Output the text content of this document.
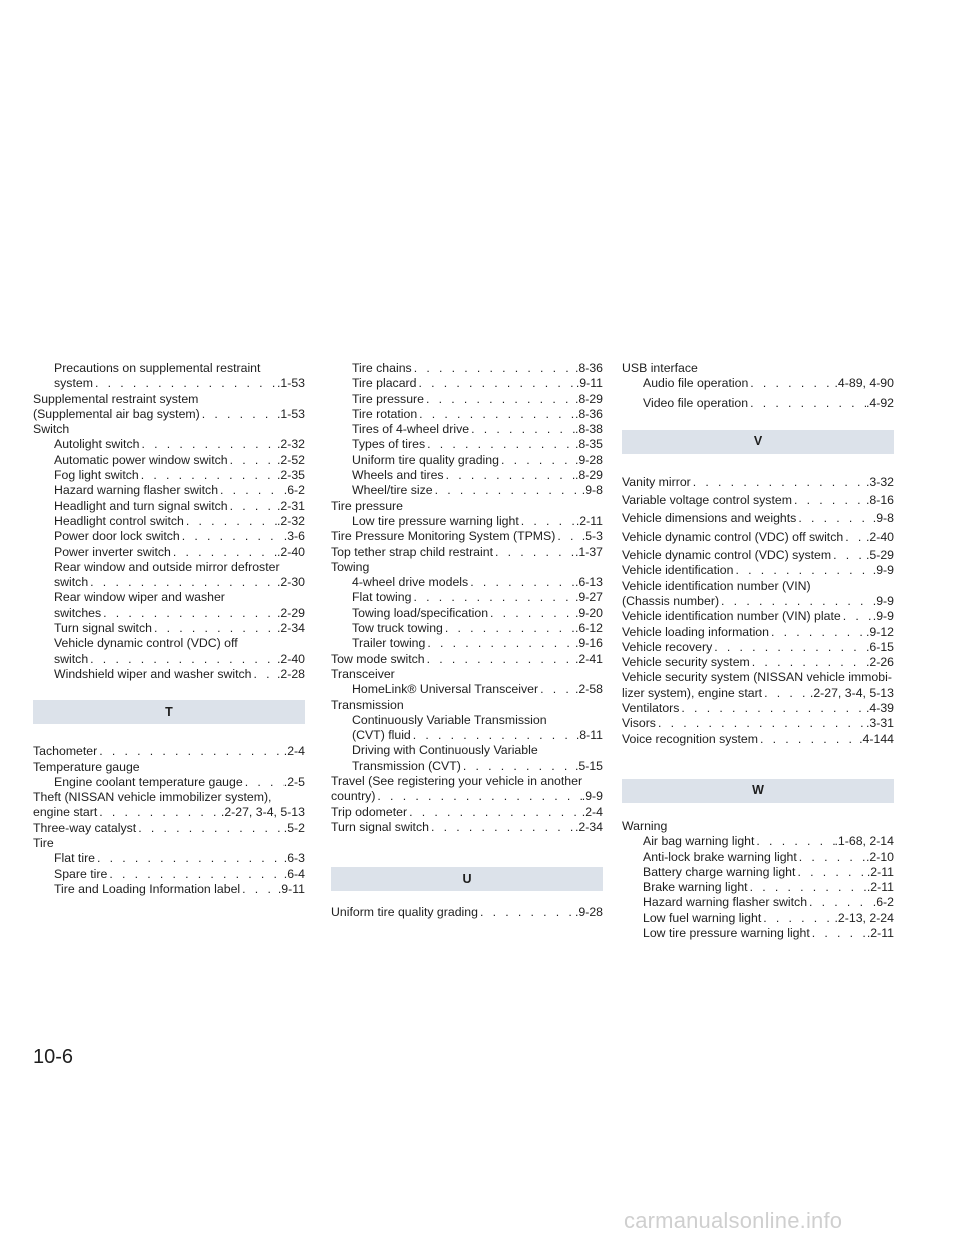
Precautions on supplemental restraint
system . . .	.1-53
Supplemental restraint system
(Supplemental air bag system) . . .	.1-53
Switch
Autolight switch . . .	.2-32
Automatic power window switch . . .	.2-52
Fog light switch . . .	.2-35
Hazard warning flasher switch . . .	.6-2
Headlight and turn signal switch . . .	.2-31
Headlight control switch . . .	.2-32
Power door lock switch . . .	.3-6
Power inverter switch . . .	.2-40
Rear window and outside mirror defroster
switch . . .	.2-30
Rear window wiper and washer
switches . . .	.2-29
Turn signal switch . . .	.2-34
Vehicle dynamic control (VDC) off
switch . . .	.2-40
Windshield wiper and washer switch . . . .2-28
T
Tachometer . . .	.2-4
Temperature gauge
Engine coolant temperature gauge . . .	.2-5
Theft (NISSAN vehicle immobilizer system),
engine start . . .	.2-27, 3-4, 5-13
Three-way catalyst . . .	.5-2
Tire
Flat tire . . .	.6-3
Spare tire . . .	.6-4
Tire and Loading Information label . . .	.9-11
Tire chains . . .	.8-36
Tire placard . . .	.9-11
Tire pressure . . .	.8-29
Tire rotation . . .	.8-36
Tires of 4-wheel drive . . .	.8-38
Types of tires . . .	.8-35
Uniform tire quality grading . . .	.9-28
Wheels and tires . . .	.8-29
Wheel/tire size . . .	.9-8
Tire pressure
Low tire pressure warning light . . .	.2-11
Tire Pressure Monitoring System (TPMS) . . . .5-3
Top tether strap child restraint . . .	.1-37
Towing
4-wheel drive models . . .	.6-13
Flat towing . . .	.9-27
Towing load/specification . . .	.9-20
Tow truck towing . . .	.6-12
Trailer towing . . .	.9-16
Tow mode switch . . .	.2-41
Transceiver
HomeLink® Universal Transceiver . . .	.2-58
Transmission
Continuously Variable Transmission
(CVT) fluid . . .	.8-11
Driving with Continuously Variable
Transmission (CVT) . . .	.5-15
Travel (See registering your vehicle in another
country) . . .	.9-9
Trip odometer . . .	.2-4
Turn signal switch . . .	.2-34
U
Uniform tire quality grading . . .	.9-28
USB interface
Audio file operation . . .	.4-89, 4-90
Video file operation . . .	.4-92
V
Vanity mirror . . .	.3-32
Variable voltage control system . . .	.8-16
Vehicle dimensions and weights . . .	.9-8
Vehicle dynamic control (VDC) off switch . . . .2-40
Vehicle dynamic control (VDC) system . . .	.5-29
Vehicle identification . . .	.9-9
Vehicle identification number (VIN)
(Chassis number) . . .	.9-9
Vehicle identification number (VIN) plate . . .	.9-9
Vehicle loading information . . .	.9-12
Vehicle recovery . . .	.6-15
Vehicle security system . . .	.2-26
Vehicle security system (NISSAN vehicle immobi-
lizer system), engine start . . .	.2-27, 3-4, 5-13
Ventilators . . .	.4-39
Visors . . .	.3-31
Voice recognition system . . .	.4-144
W
Warning
Air bag warning light . . .	.1-68, 2-14
Anti-lock brake warning light . . .	.2-10
Battery charge warning light . . .	.2-11
Brake warning light . . .	.2-11
Hazard warning flasher switch . . .	.6-2
Low fuel warning light . . .	.2-13, 2-24
Low tire pressure warning light . . .	.2-11
10-6
carmanualsonline.info
